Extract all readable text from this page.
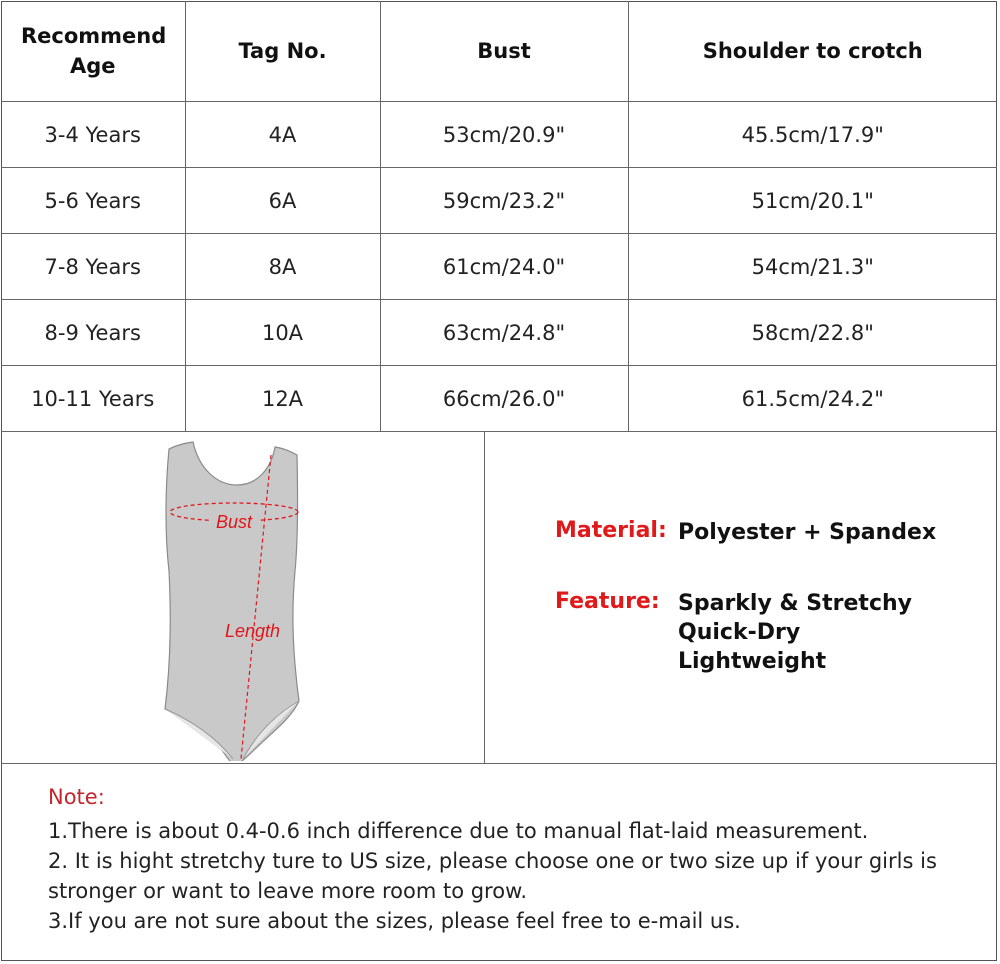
Recommend Age	Tag No.	Bust	Shoulder to crotch
3-4 Years	4A	53cm/20.9"	45.5cm/17.9"
5-6 Years	6A	59cm/23.2"	51cm/20.1"
7-8 Years	8A	61cm/24.0"	54cm/21.3"
8-9 Years	10A	63cm/24.8"	58cm/22.8"
10-11 Years	12A	66cm/26.0"	61.5cm/24.2"
Bust
Length
Material: Polyester + Spandex
Feature: Sparkly & Stretchy
Quick-Dry
Lightweight
Note:

1.There is about 0.4-0.6 inch difference due to manual flat-laid measurement.

2. It is hight stretchy ture to US size, please choose one or two size up if your girls is stronger or want to leave more room to grow.

3.If you are not sure about the sizes, please feel free to e-mail us.
